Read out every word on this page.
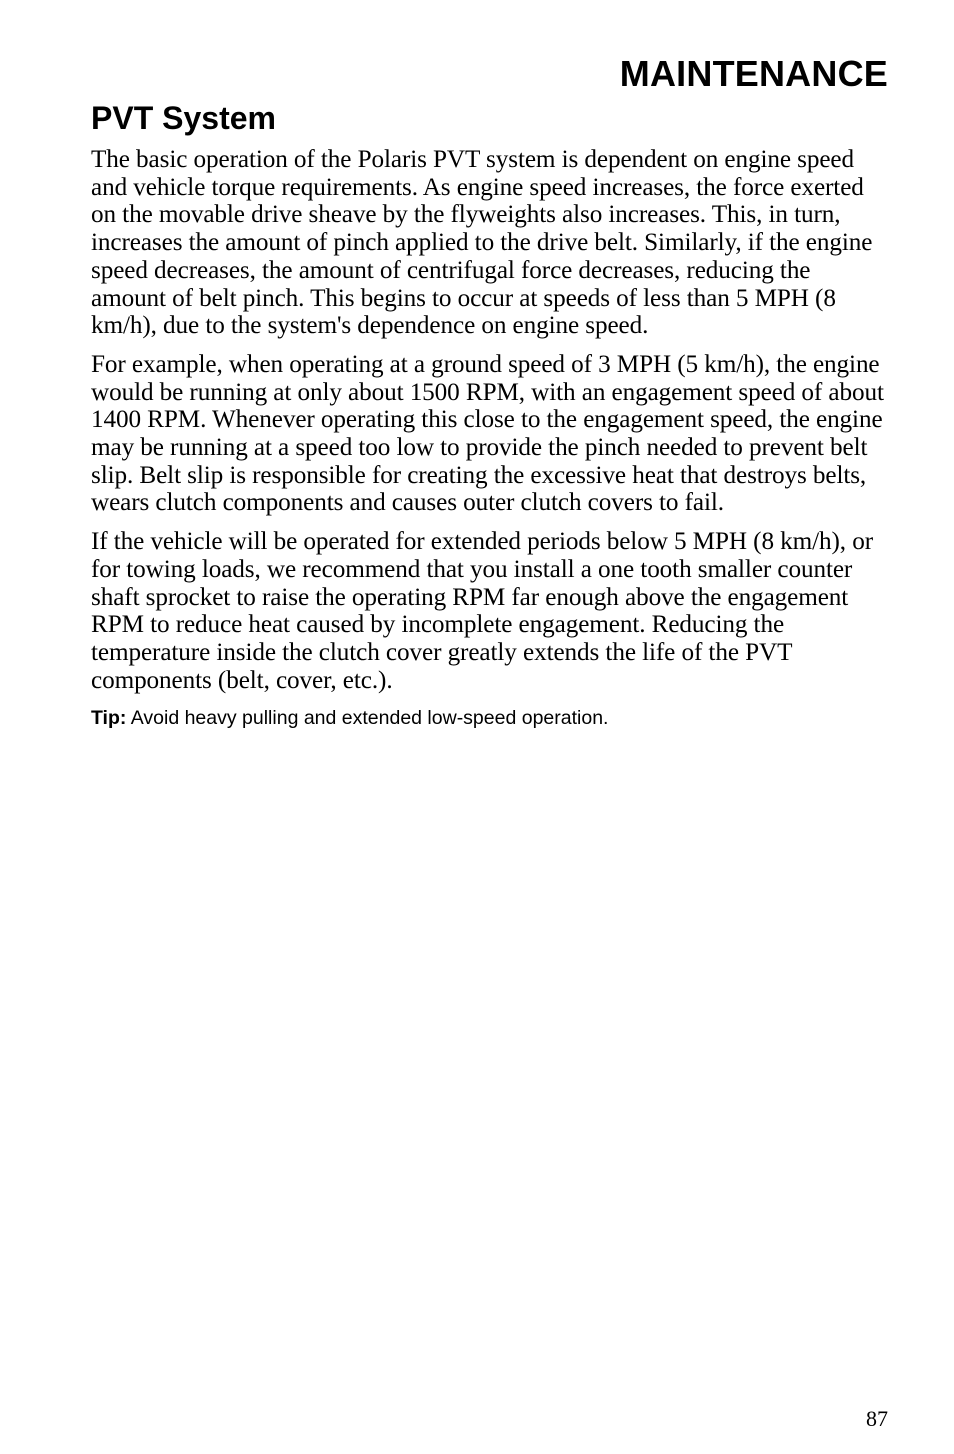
MAINTENANCE
PVT System

The basic operation of the Polaris PVT system is dependent on engine speed and vehicle torque requirements. As engine speed increases, the force exerted on the movable drive sheave by the flyweights also increases. This, in turn, increases the amount of pinch applied to the drive belt. Similarly, if the engine speed decreases, the amount of centrifugal force decreases, reducing the amount of belt pinch. This begins to occur at speeds of less than 5 MPH (8 km/h), due to the system's dependence on engine speed.

For example, when operating at a ground speed of 3 MPH (5 km/h), the engine would be running at only about 1500 RPM, with an engagement speed of about 1400 RPM. Whenever operating this close to the engagement speed, the engine may be running at a speed too low to provide the pinch needed to prevent belt slip. Belt slip is responsible for creating the excessive heat that destroys belts, wears clutch components and causes outer clutch covers to fail.

If the vehicle will be operated for extended periods below 5 MPH (8 km/h), or for towing loads, we recommend that you install a one tooth smaller counter shaft sprocket to raise the operating RPM far enough above the engagement RPM to reduce heat caused by incomplete engagement. Reducing the temperature inside the clutch cover greatly extends the life of the PVT components (belt, cover, etc.).

Tip: Avoid heavy pulling and extended low-speed operation.

87
